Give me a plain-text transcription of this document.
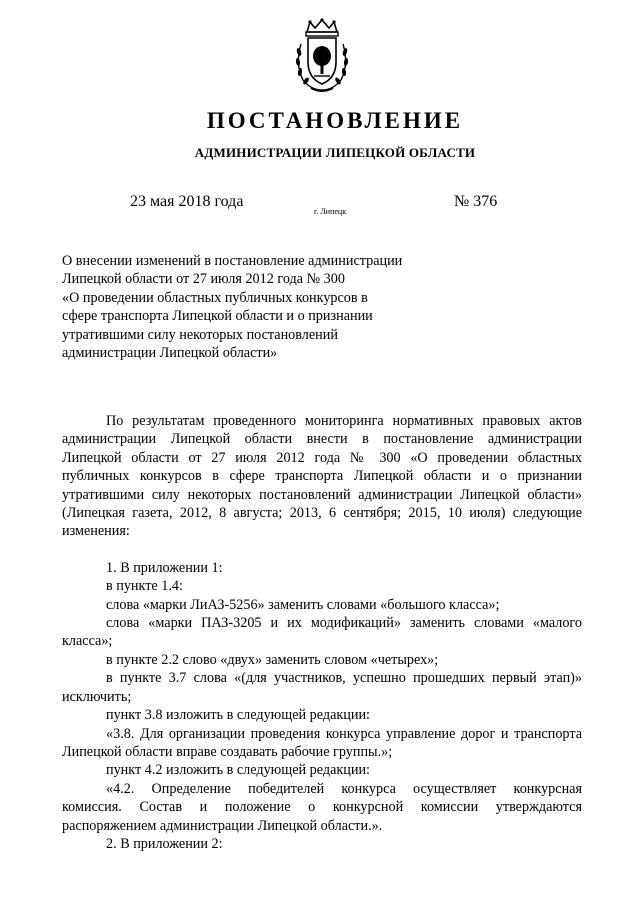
ПОСТАНОВЛЕНИЕ
АДМИНИСТРАЦИИ ЛИПЕЦКОЙ ОБЛАСТИ
23 мая 2018 года
г. Липецк
№ 376
О внесении изменений в постановление администрации
Липецкой области от 27 июля 2012 года № 300
«О проведении областных публичных конкурсов в
сфере транспорта Липецкой области и о признании
утратившими силу некоторых постановлений
администрации Липецкой области»
По результатам проведенного мониторинга нормативных правовых актов
администрации Липецкой области внести в постановление администрации
Липецкой области от 27 июля 2012 года № 300 «О проведении областных
публичных конкурсов в сфере транспорта Липецкой области и о признании
утратившими силу некоторых постановлений администрации Липецкой области»
(Липецкая газета, 2012, 8 августа; 2013, 6 сентября; 2015, 10 июля) следующие
изменения:
1. В приложении 1:
в пункте 1.4:
слова «марки ЛиАЗ-5256» заменить словами «большого класса»;
слова «марки ПАЗ-3205 и их модификаций» заменить словами «малого
класса»;
в пункте 2.2 слово «двух» заменить словом «четырех»;
в пункте 3.7 слова «(для участников, успешно прошедших первый этап)»
исключить;
пункт 3.8 изложить в следующей редакции:
«3.8. Для организации проведения конкурса управление дорог и транспорта
Липецкой области вправе создавать рабочие группы.»;
пункт 4.2 изложить в следующей редакции:
«4.2. Определение победителей конкурса осуществляет конкурсная
комиссия. Состав и положение о конкурсной комиссии утверждаются
распоряжением администрации Липецкой области.».
2. В приложении 2:
